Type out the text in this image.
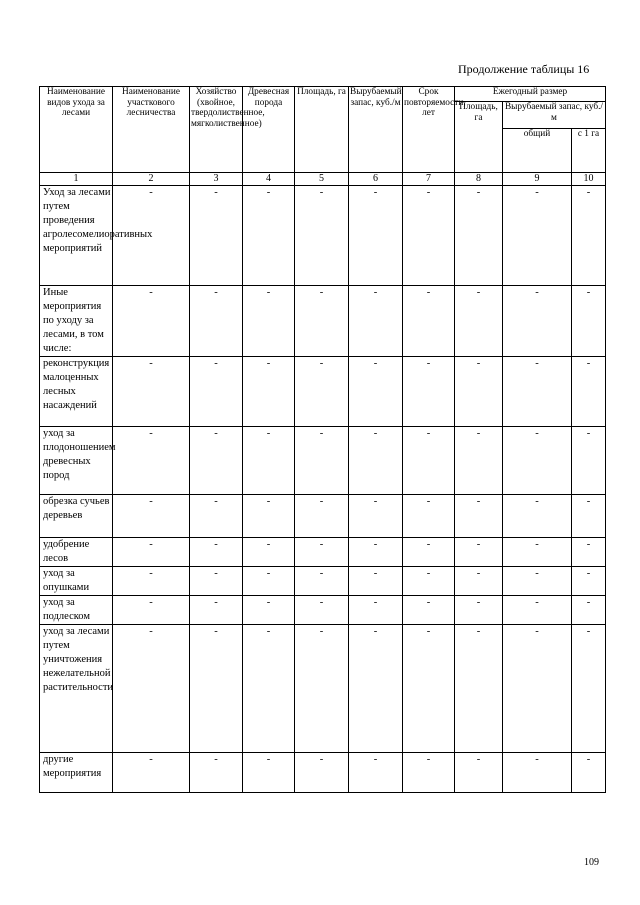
Продолжение таблицы 16
Наименование видов ухода за лесами	Наименование участкового лесничества	Хозяйство (хвойное, твердолиственное, мягколиственное)	Древесная порода	Площадь, га	Вырубаемый запас, куб./м	Срок повторяемости, лет	Ежегодный размер		
							Площадь, га	Вырубаемый запас, куб./м	
								общий	с 1 га
1	2	3	4	5	6	7	8	9	10
Уход за лесами путем проведения агролесомелиоративных мероприятий	-	-	-	-	-	-	-	-	-
Иные мероприятия по уходу за лесами, в том числе:	-	-	-	-	-	-	-	-	-
реконструкция малоценных лесных насаждений	-	-	-	-	-	-	-	-	-
уход за плодоношением древесных пород	-	-	-	-	-	-	-	-	-
обрезка сучьев деревьев	-	-	-	-	-	-	-	-	-
удобрение лесов	-	-	-	-	-	-	-	-	-
уход за опушками	-	-	-	-	-	-	-	-	-
уход за подлеском	-	-	-	-	-	-	-	-	-
уход за лесами путем уничтожения нежелательной растительности	-	-	-	-	-	-	-	-	-
другие мероприятия	-	-	-	-	-	-	-	-	-
109
